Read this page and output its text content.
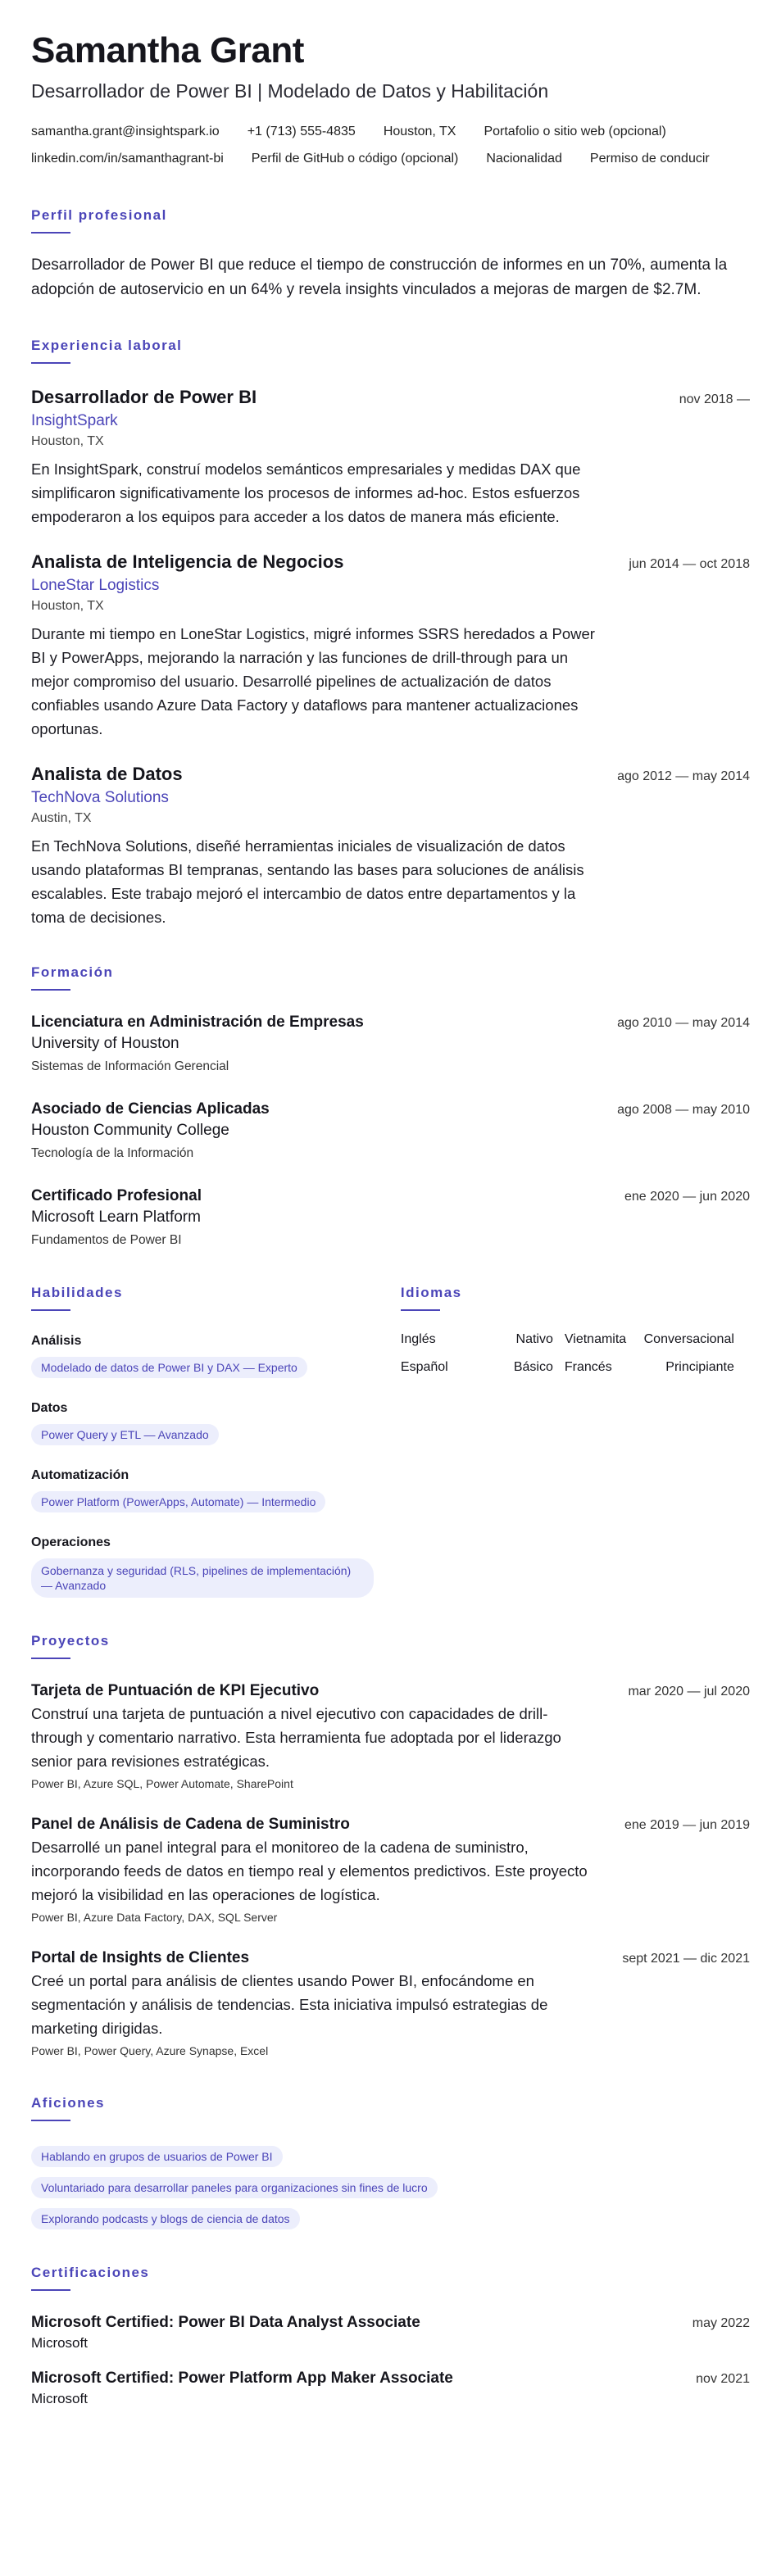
Samantha Grant
Desarrollador de Power BI | Modelado de Datos y Habilitación
samantha.grant@insightspark.io +1 (713) 555-4835 Houston, TX Portafolio o sitio web (opcional)
linkedin.com/in/samanthagrant-bi Perfil de GitHub o código (opcional) Nacionalidad Permiso de conducir
Perfil profesional

Desarrollador de Power BI que reduce el tiempo de construcción de informes en un 70%, aumenta la adopción de autoservicio en un 64% y revela insights vinculados a mejoras de margen de $2.7M.

Experiencia laboral
Desarrollador de Power BI	nov 2018 —
InsightSpark
Houston, TX

En InsightSpark, construí modelos semánticos empresariales y medidas DAX que simplificaron significativamente los procesos de informes ad-hoc. Estos esfuerzos empoderaron a los equipos para acceder a los datos de manera más eficiente.

Analista de Inteligencia de Negocios	jun 2014 — oct 2018
LoneStar Logistics
Houston, TX

Durante mi tiempo en LoneStar Logistics, migré informes SSRS heredados a Power BI y PowerApps, mejorando la narración y las funciones de drill-through para un mejor compromiso del usuario. Desarrollé pipelines de actualización de datos confiables usando Azure Data Factory y dataflows para mantener actualizaciones oportunas.

Analista de Datos	ago 2012 — may 2014
TechNova Solutions
Austin, TX

En TechNova Solutions, diseñé herramientas iniciales de visualización de datos usando plataformas BI tempranas, sentando las bases para soluciones de análisis escalables. Este trabajo mejoró el intercambio de datos entre departamentos y la toma de decisiones.

Formación
Licenciatura en Administración de Empresas	ago 2010 — may 2014
University of Houston
Sistemas de Información Gerencial
Asociado de Ciencias Aplicadas	ago 2008 — may 2010
Houston Community College
Tecnología de la Información
Certificado Profesional	ene 2020 — jun 2020
Microsoft Learn Platform
Fundamentos de Power BI
Habilidades
Análisis
Modelado de datos de Power BI y DAX — Experto
Datos
Power Query y ETL — Avanzado
Automatización
Power Platform (PowerApps, Automate) — Intermedio
Operaciones
Gobernanza y seguridad (RLS, pipelines de implementación) — Avanzado
Idiomas
Inglés	Nativo Vietnamita	Conversacional
Español	Básico Francés	Principiante
Proyectos
Tarjeta de Puntuación de KPI Ejecutivo	mar 2020 — jul 2020

Construí una tarjeta de puntuación a nivel ejecutivo con capacidades de drill-through y comentario narrativo. Esta herramienta fue adoptada por el liderazgo senior para revisiones estratégicas.

Power BI, Azure SQL, Power Automate, SharePoint
Panel de Análisis de Cadena de Suministro	ene 2019 — jun 2019

Desarrollé un panel integral para el monitoreo de la cadena de suministro, incorporando feeds de datos en tiempo real y elementos predictivos. Este proyecto mejoró la visibilidad en las operaciones de logística.

Power BI, Azure Data Factory, DAX, SQL Server
Portal de Insights de Clientes	sept 2021 — dic 2021

Creé un portal para análisis de clientes usando Power BI, enfocándome en segmentación y análisis de tendencias. Esta iniciativa impulsó estrategias de marketing dirigidas.

Power BI, Power Query, Azure Synapse, Excel
Aficiones
Hablando en grupos de usuarios de Power BI
Voluntariado para desarrollar paneles para organizaciones sin fines de lucro
Explorando podcasts y blogs de ciencia de datos
Certificaciones
Microsoft Certified: Power BI Data Analyst Associate	may 2022
Microsoft
Microsoft Certified: Power Platform App Maker Associate	nov 2021
Microsoft
